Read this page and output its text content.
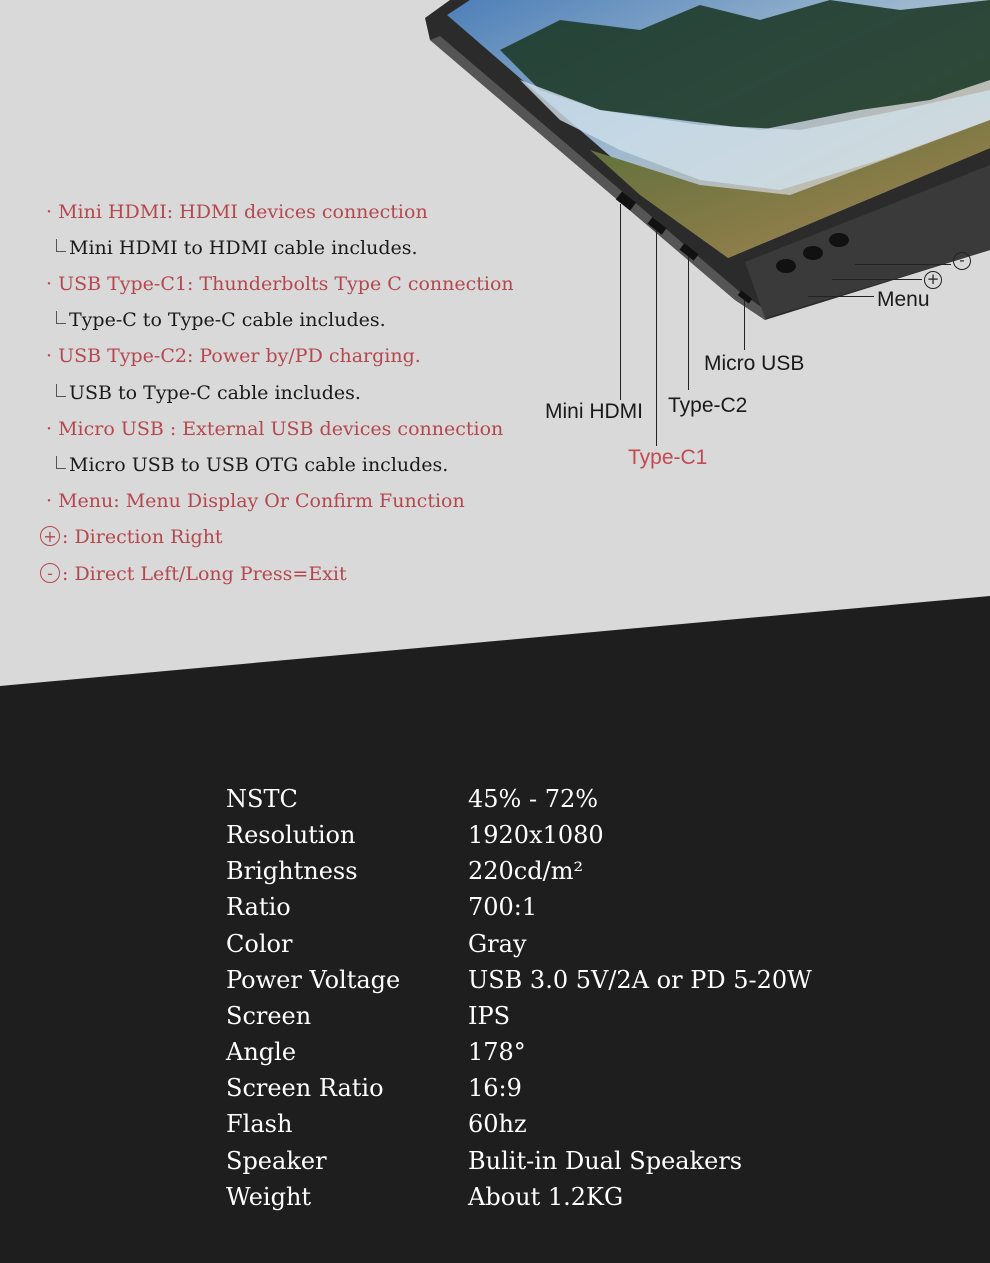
-
+
Menu
Micro USB
Type-C2
Mini HDMI
Type-C1
· Mini HDMI: HDMI devices connection
Mini HDMI to HDMI cable includes.
· USB Type-C1: Thunderbolts Type C connection
Type-C to Type-C cable includes.
· USB Type-C2: Power by/PD charging.
USB to Type-C cable includes.
· Micro USB : External USB devices connection
Micro USB to USB OTG cable includes.
· Menu: Menu Display Or Confirm Function
+ : Direction Right
- : Direct Left/Long Press=Exit
NSTC	45% - 72%
Resolution	1920x1080
Brightness	220cd/m²
Ratio	700:1
Color	Gray
Power Voltage	USB 3.0 5V/2A or PD 5-20W
Screen	IPS
Angle	178°
Screen Ratio	16:9
Flash	60hz
Speaker	Bulit-in Dual Speakers
Weight	About 1.2KG
